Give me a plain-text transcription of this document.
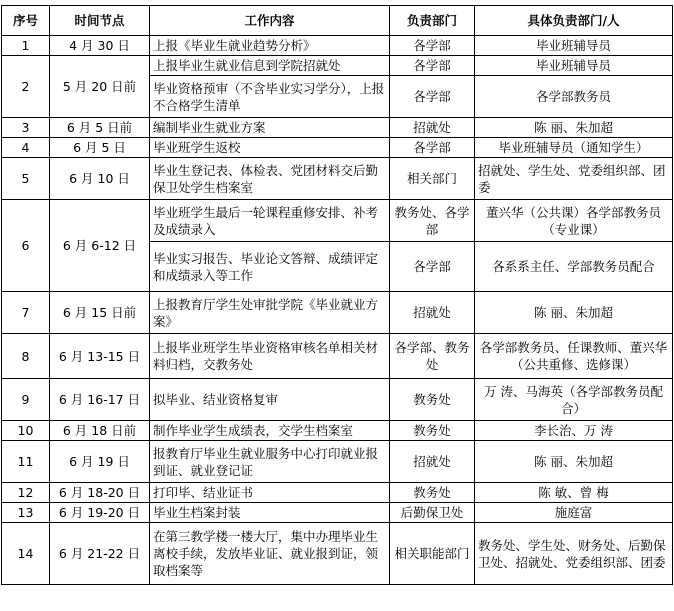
序号	时间节点	工作内容	负责部门	具体负责部门/人
1	4 月 30 日	上报《毕业生就业趋势分析》	各学部	毕业班辅导员
2	5 月 20 日前	上报毕业生就业信息到学院招就处	各学部	毕业班辅导员
		毕业资格预审（不含毕业实习学分），上报不合格学生清单	各学部	各学部教务员
3	6 月 5 日前	编制毕业生就业方案	招就处	陈 丽、朱加超
4	6 月 5 日	毕业班学生返校	各学部	毕业班辅导员（通知学生）
5	6 月 10 日	毕业生登记表、体检表、党团材料交后勤保卫处学生档案室	相关部门	招就处、学生处、党委组织部、团委
6	6 月 6-12 日	毕业班学生最后一轮课程重修安排、补考及成绩录入	教务处、各学部	董兴华（公共课）各学部教务员（专业课）
		毕业实习报告、毕业论文答辩、成绩评定和成绩录入等工作	各学部	各系系主任、学部教务员配合
7	6 月 15 日前	上报教育厅学生处审批学院《毕业就业方案》	招就处	陈 丽、朱加超
8	6 月 13-15 日	上报毕业班学生毕业资格审核名单相关材料归档，交教务处	各学部、教务处	各学部教务员、任课教师、董兴华（公共重修、选修课）
9	6 月 16-17 日	拟毕业、结业资格复审	教务处	万 涛、马海英（各学部教务员配合）
10	6 月 18 日前	制作毕业学生成绩表，交学生档案室	教务处	李长治、万 涛
11	6 月 19 日	报教育厅毕业生就业服务中心打印就业报到证、就业登记证	招就处	陈 丽、朱加超
12	6 月 18-20 日	打印毕、结业证书	教务处	陈 敏、曾 梅
13	6 月 19-20 日	毕业生档案封装	后勤保卫处	施庭富
14	6 月 21-22 日	在第三教学楼一楼大厅，集中办理毕业生离校手续，发放毕业证、就业报到证，领取档案等	相关职能部门	教务处、学生处、财务处、后勤保卫处、招就处、党委组织部、团委
